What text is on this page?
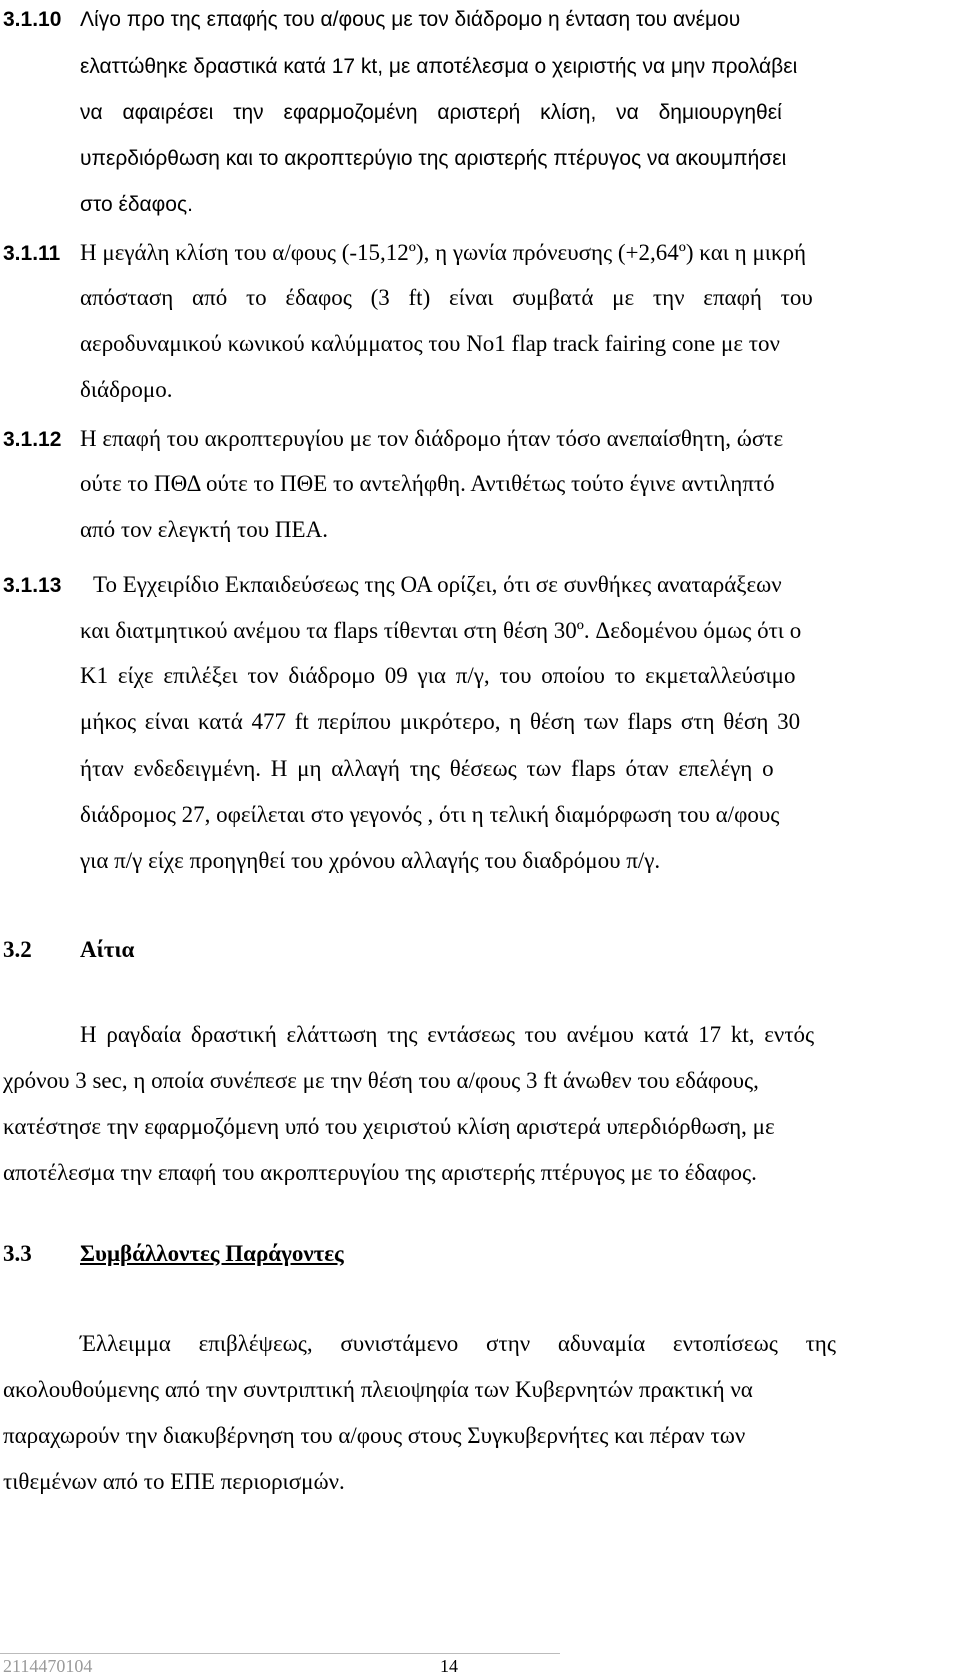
3.1.10 Λίγο προ της επαφής του α/φους με τον διάδρομο η ένταση του ανέμου
ελαττώθηκε δραστικά κατά 17 kt, με αποτέλεσμα ο χειριστής να μην προλάβει
να αφαιρέσει την εφαρμοζομένη αριστερή κλίση, να δημιουργηθεί
υπερδιόρθωση και το ακροπτερύγιο της αριστερής πτέρυγος να ακουμπήσει
στο έδαφος.
3.1.11 Η μεγάλη κλίση του α/φους (-15,12º), η γωνία πρόνευσης (+2,64º) και η μικρή
απόσταση από το έδαφος (3 ft) είναι συμβατά με την επαφή του
αεροδυναμικού κωνικού καλύμματος του No1 flap track fairing cone με τον
διάδρομο.
3.1.12 Η επαφή του ακροπτερυγίου με τον διάδρομο ήταν τόσο ανεπαίσθητη, ώστε
ούτε το ΠΘΔ ούτε το ΠΘΕ το αντελήφθη. Αντιθέτως τούτο έγινε αντιληπτό
από τον ελεγκτή του ΠΕΑ.
3.1.13 Το Εγχειρίδιο Εκπαιδεύσεως της ΟΑ ορίζει, ότι σε συνθήκες αναταράξεων
και διατμητικού ανέμου τα flaps τίθενται στη θέση 30º. Δεδομένου όμως ότι ο
Κ1 είχε επιλέξει τον διάδρομο 09 για π/γ, του οποίου το εκμεταλλεύσιμο
μήκος είναι κατά 477 ft περίπου μικρότερο, η θέση των flaps στη θέση 30
ήταν ενδεδειγμένη. Η μη αλλαγή της θέσεως των flaps όταν επελέγη ο
διάδρομος 27, οφείλεται στο γεγονός , ότι η τελική διαμόρφωση του α/φους
για π/γ είχε προηγηθεί του χρόνου αλλαγής του διαδρόμου π/γ.
3.2 Αίτια
Η ραγδαία δραστική ελάττωση της εντάσεως του ανέμου κατά 17 kt, εντός
χρόνου 3 sec, η οποία συνέπεσε με την θέση του α/φους 3 ft άνωθεν του εδάφους,
κατέστησε την εφαρμοζόμενη υπό του χειριστού κλίση αριστερά υπερδιόρθωση, με
αποτέλεσμα την επαφή του ακροπτερυγίου της αριστερής πτέρυγος με το έδαφος.
3.3 Συμβάλλοντες Παράγοντες
Έλλειμμα επιβλέψεως, συνιστάμενο στην αδυναμία εντοπίσεως της
ακολουθούμενης από την συντριπτική πλειοψηφία των Κυβερνητών πρακτική να
παραχωρούν την διακυβέρνηση του α/φους στους Συγκυβερνήτες και πέραν των
τιθεμένων από το ΕΠΕ περιορισμών.
2114470104	14
